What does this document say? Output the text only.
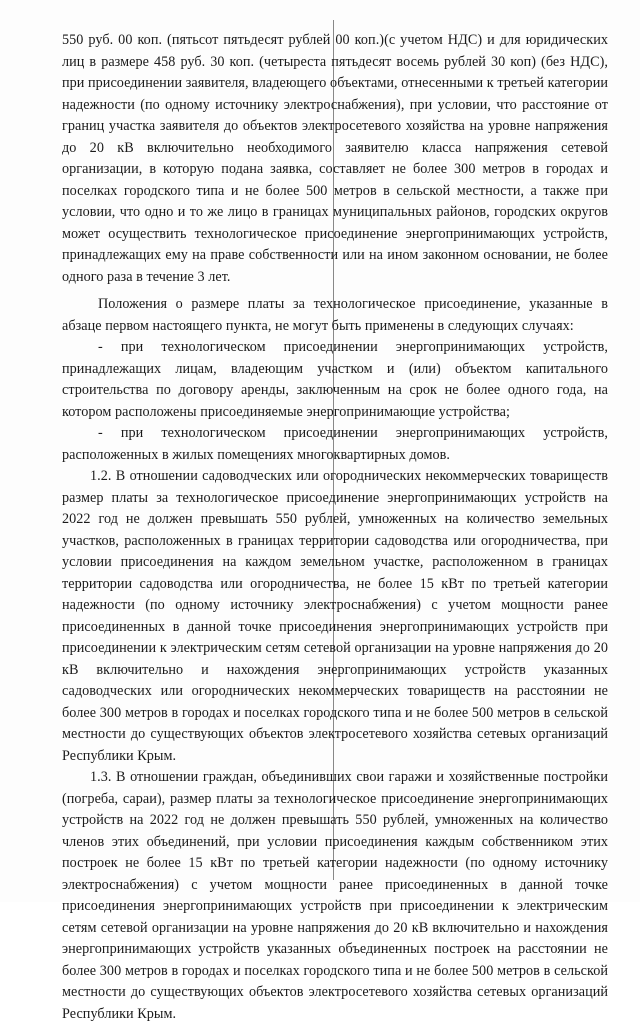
550 руб. 00 коп. (пятьсот пятьдесят рублей 00 коп.)(с учетом НДС) и для юридических лиц в размере 458 руб. 30 коп. (четыреста пятьдесят восемь рублей 30 коп) (без НДС), при присоединении заявителя, владеющего объектами, отнесенными к третьей категории надежности (по одному источнику электроснабжения), при условии, что расстояние от границ участка заявителя до объектов электросетевого хозяйства на уровне напряжения до 20 кВ включительно необходимого заявителю класса напряжения сетевой организации, в которую подана заявка, составляет не более 300 метров в городах и поселках городского типа и не более 500 метров в сельской местности, а также при условии, что одно и то же лицо в границах муниципальных районов, городских округов может осуществить технологическое присоединение энергопринимающих устройств, принадлежащих ему на праве собственности или на ином законном основании, не более одного раза в течение 3 лет.

Положения о размере платы за технологическое присоединение, указанные в абзаце первом настоящего пункта, не могут быть применены в следующих случаях:

- при технологическом присоединении энергопринимающих устройств, принадлежащих лицам, владеющим участком и (или) объектом капитального строительства по договору аренды, заключенным на срок не более одного года, на котором расположены присоединяемые энергопринимающие устройства;

- при технологическом присоединении энергопринимающих устройств, расположенных в жилых помещениях многоквартирных домов.

1.2. В отношении садоводческих или огороднических некоммерческих товариществ размер платы за технологическое присоединение энергопринимающих устройств на 2022 год не должен превышать 550 рублей, умноженных на количество земельных участков, расположенных в границах территории садоводства или огородничества, при условии присоединения на каждом земельном участке, расположенном в границах территории садоводства или огородничества, не более 15 кВт по третьей категории надежности (по одному источнику электроснабжения) с учетом мощности ранее присоединенных в данной точке присоединения энергопринимающих устройств при присоединении к электрическим сетям сетевой организации на уровне напряжения до 20 кВ включительно и нахождения энергопринимающих устройств указанных садоводческих или огороднических некоммерческих товариществ на расстоянии не более 300 метров в городах и поселках городского типа и не более 500 метров в сельской местности до существующих объектов электросетевого хозяйства сетевых организаций Республики Крым.

1.3. В отношении граждан, объединивших свои гаражи и хозяйственные постройки (погреба, сараи), размер платы за технологическое присоединение энергопринимающих устройств на 2022 год не должен превышать 550 рублей, умноженных на количество членов этих объединений, при условии присоединения каждым собственником этих построек не более 15 кВт по третьей категории надежности (по одному источнику электроснабжения) с учетом мощности ранее присоединенных в данной точке присоединения энергопринимающих устройств при присоединении к электрическим сетям сетевой организации на уровне напряжения до 20 кВ включительно и нахождения энергопринимающих устройств указанных объединенных построек на расстоянии не более 300 метров в городах и поселках городского типа и не более 500 метров в сельской местности до существующих объектов электросетевого хозяйства сетевых организаций Республики Крым.
